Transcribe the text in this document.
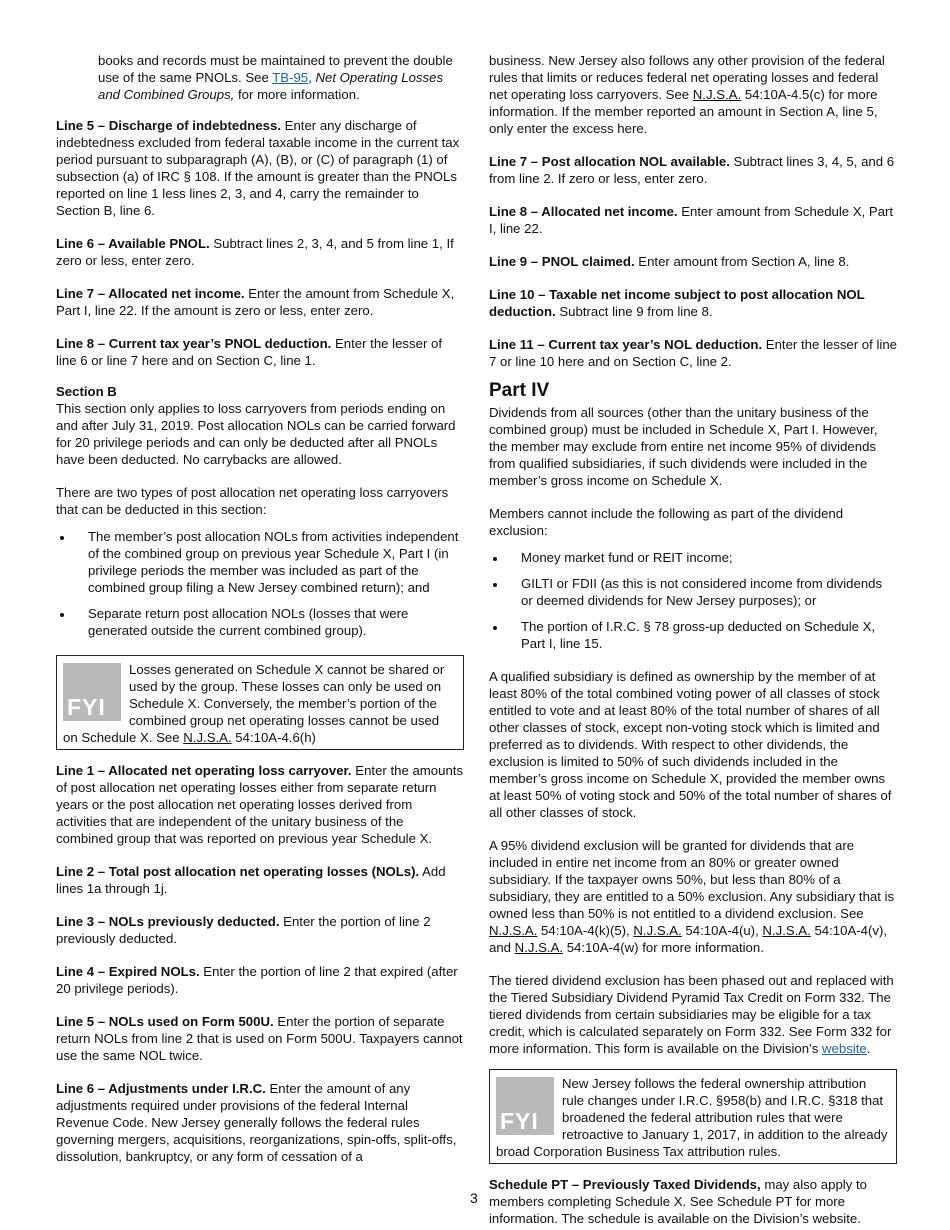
books and records must be maintained to prevent the double use of the same PNOLs. See TB-95, Net Operating Losses and Combined Groups, for more information.

Line 5 – Discharge of indebtedness. Enter any discharge of indebtedness excluded from federal taxable income in the current tax period pursuant to subparagraph (A), (B), or (C) of paragraph (1) of subsection (a) of IRC § 108. If the amount is greater than the PNOLs reported on line 1 less lines 2, 3, and 4, carry the remainder to Section B, line 6.

Line 6 – Available PNOL. Subtract lines 2, 3, 4, and 5 from line 1, If zero or less, enter zero.

Line 7 – Allocated net income. Enter the amount from Schedule X, Part I, line 22. If the amount is zero or less, enter zero.

Line 8 – Current tax year’s PNOL deduction. Enter the lesser of line 6 or line 7 here and on Section C, line 1.

Section B

This section only applies to loss carryovers from periods ending on and after July 31, 2019. Post allocation NOLs can be carried forward for 20 privilege periods and can only be deducted after all PNOLs have been deducted. No carrybacks are allowed.

There are two types of post allocation net operating loss carryovers that can be deducted in this section:

• The member’s post allocation NOLs from activities independent of the combined group on previous year Schedule X, Part I (in privilege periods the member was included as part of the combined group filing a New Jersey combined return); and
• Separate return post allocation NOLs (losses that were generated outside the current combined group).
FYI
Losses generated on Schedule X cannot be shared or used by the group. These losses can only be used on Schedule X. Conversely, the member’s portion of the combined group net operating losses cannot be used on Schedule X. See N.J.S.A. 54:10A-4.6(h)

Line 1 – Allocated net operating loss carryover. Enter the amounts of post allocation net operating losses either from separate return years or the post allocation net operating losses derived from activities that are independent of the unitary business of the combined group that was reported on previous year Schedule X.

Line 2 – Total post allocation net operating losses (NOLs). Add lines 1a through 1j.

Line 3 – NOLs previously deducted. Enter the portion of line 2 previously deducted.

Line 4 – Expired NOLs. Enter the portion of line 2 that expired (after 20 privilege periods).

Line 5 – NOLs used on Form 500U. Enter the portion of separate return NOLs from line 2 that is used on Form 500U. Taxpayers cannot use the same NOL twice.

Line 6 – Adjustments under I.R.C. Enter the amount of any adjustments required under provisions of the federal Internal Revenue Code. New Jersey generally follows the federal rules governing mergers, acquisitions, reorganizations, spin-offs, split-offs, dissolution, bankruptcy, or any form of cessation of a

business. New Jersey also follows any other provision of the federal rules that limits or reduces federal net operating losses and federal net operating loss carryovers. See N.J.S.A. 54:10A-4.5(c) for more information. If the member reported an amount in Section A, line 5, only enter the excess here.

Line 7 – Post allocation NOL available. Subtract lines 3, 4, 5, and 6 from line 2. If zero or less, enter zero.

Line 8 – Allocated net income. Enter amount from Schedule X, Part I, line 22.

Line 9 – PNOL claimed. Enter amount from Section A, line 8.

Line 10 – Taxable net income subject to post allocation NOL deduction. Subtract line 9 from line 8.

Line 11 – Current tax year’s NOL deduction. Enter the lesser of line 7 or line 10 here and on Section C, line 2.

Part IV

Dividends from all sources (other than the unitary business of the combined group) must be included in Schedule X, Part I. However, the member may exclude from entire net income 95% of dividends from qualified subsidiaries, if such dividends were included in the member’s gross income on Schedule X.

Members cannot include the following as part of the dividend exclusion:

• Money market fund or REIT income;
• GILTI or FDII (as this is not considered income from dividends or deemed dividends for New Jersey purposes); or
• The portion of I.R.C. § 78 gross-up deducted on Schedule X, Part I, line 15.

A qualified subsidiary is defined as ownership by the member of at least 80% of the total combined voting power of all classes of stock entitled to vote and at least 80% of the total number of shares of all other classes of stock, except non-voting stock which is limited and preferred as to dividends. With respect to other dividends, the exclusion is limited to 50% of such dividends included in the member’s gross income on Schedule X, provided the member owns at least 50% of voting stock and 50% of the total number of shares of all other classes of stock.

A 95% dividend exclusion will be granted for dividends that are included in entire net income from an 80% or greater owned subsidiary. If the taxpayer owns 50%, but less than 80% of a subsidiary, they are entitled to a 50% exclusion. Any subsidiary that is owned less than 50% is not entitled to a dividend exclusion. See N.J.S.A. 54:10A-4(k)(5), N.J.S.A. 54:10A-4(u), N.J.S.A. 54:10A-4(v), and N.J.S.A. 54:10A-4(w) for more information.

The tiered dividend exclusion has been phased out and replaced with the Tiered Subsidiary Dividend Pyramid Tax Credit on Form 332. The tiered dividends from certain subsidiaries may be eligible for a tax credit, which is calculated separately on Form 332. See Form 332 for more information. This form is available on the Division’s website.

FYI
New Jersey follows the federal ownership attribution rule changes under I.R.C. §958(b) and I.R.C. §318 that broadened the federal attribution rules that were retroactive to January 1, 2017, in addition to the already broad Corporation Business Tax attribution rules.

Schedule PT – Previously Taxed Dividends, may also apply to members completing Schedule X. See Schedule PT for more information. The schedule is available on the Division’s website.

3
